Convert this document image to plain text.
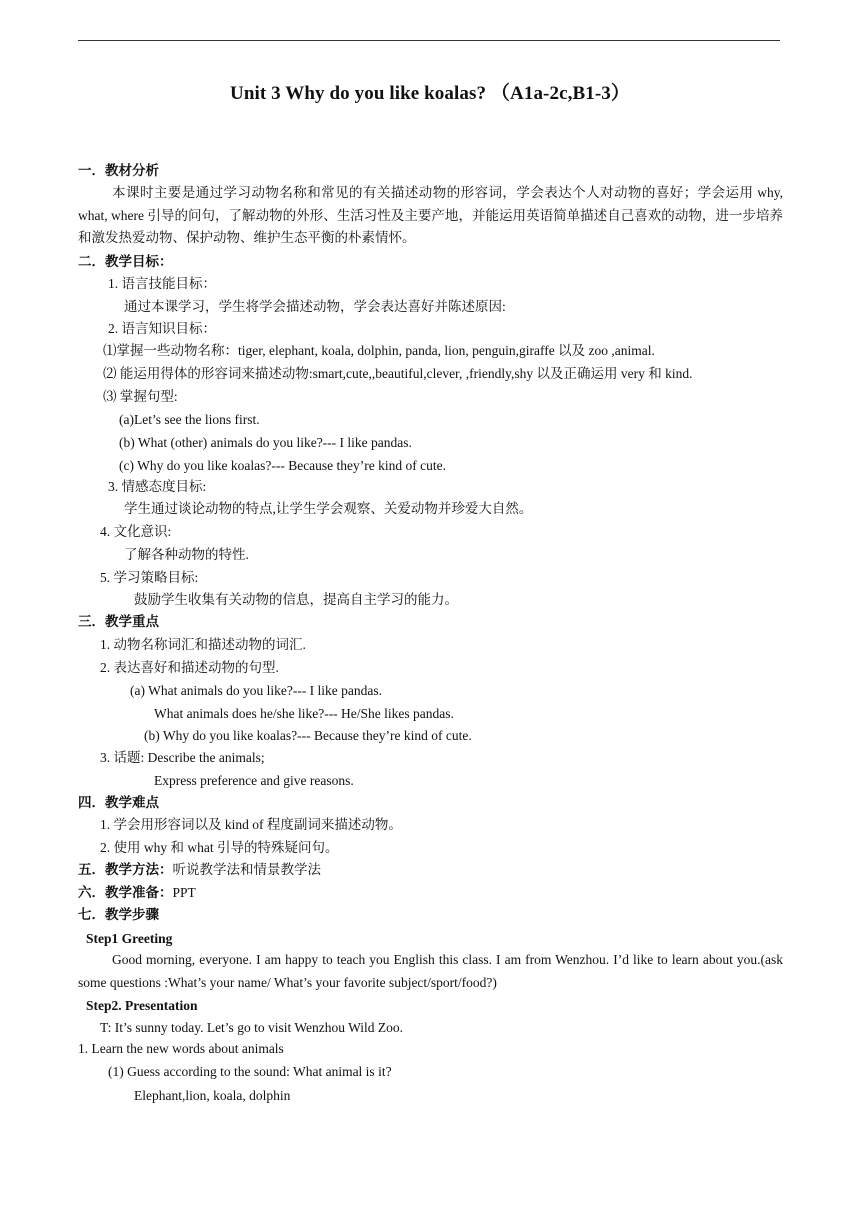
Unit 3 Why do you like koalas? （A1a-2c,B1-3）
一．教材分析
本课时主要是通过学习动物名称和常见的有关描述动物的形容词，学会表达个人对动物的喜好；学会运用 why, what, where 引导的问句，了解动物的外形、生活习性及主要产地，并能运用英语简单描述自己喜欢的动物，进一步培养和激发热爱动物、保护动物、维护生态平衡的朴素情怀。
二．教学目标：
1. 语言技能目标：
通过本课学习，学生将学会描述动物，学会表达喜好并陈述原因:
2. 语言知识目标：
⑴掌握一些动物名称：tiger, elephant, koala, dolphin, panda, lion, penguin,giraffe 以及 zoo ,animal.
⑵ 能运用得体的形容词来描述动物:smart,cute,,beautiful,clever, ,friendly,shy 以及正确运用 very 和 kind.
⑶ 掌握句型:
(a)Let’s see the lions first.
(b) What (other) animals do you like?--- I like pandas.
(c) Why do you like koalas?--- Because they’re kind of cute.
3. 情感态度目标:
学生通过谈论动物的特点,让学生学会观察、关爱动物并珍爱大自然。
4. 文化意识:
了解各种动物的特性.
5. 学习策略目标:
鼓励学生收集有关动物的信息，提高自主学习的能力。
三．教学重点
1. 动物名称词汇和描述动物的词汇.
2. 表达喜好和描述动物的句型.
(a) What animals do you like?--- I like pandas.
What animals does he/she like?--- He/She likes pandas.
(b) Why do you like koalas?--- Because they’re kind of cute.
3. 话题: Describe the animals;
Express preference and give reasons.
四．教学难点
1. 学会用形容词以及 kind of 程度副词来描述动物。
2. 使用 why 和 what 引导的特殊疑问句。
五．教学方法：听说教学法和情景教学法
六．教学准备：PPT
七．教学步骤
Step1 Greeting
Good morning, everyone. I am happy to teach you English this class. I am from Wenzhou. I’d like to learn about you.(ask some questions :What’s your name/ What’s your favorite subject/sport/food?)
Step2. Presentation
T: It’s sunny today. Let’s go to visit Wenzhou Wild Zoo.
1. Learn the new words about animals
(1) Guess according to the sound: What animal is it?
Elephant,lion, koala, dolphin
